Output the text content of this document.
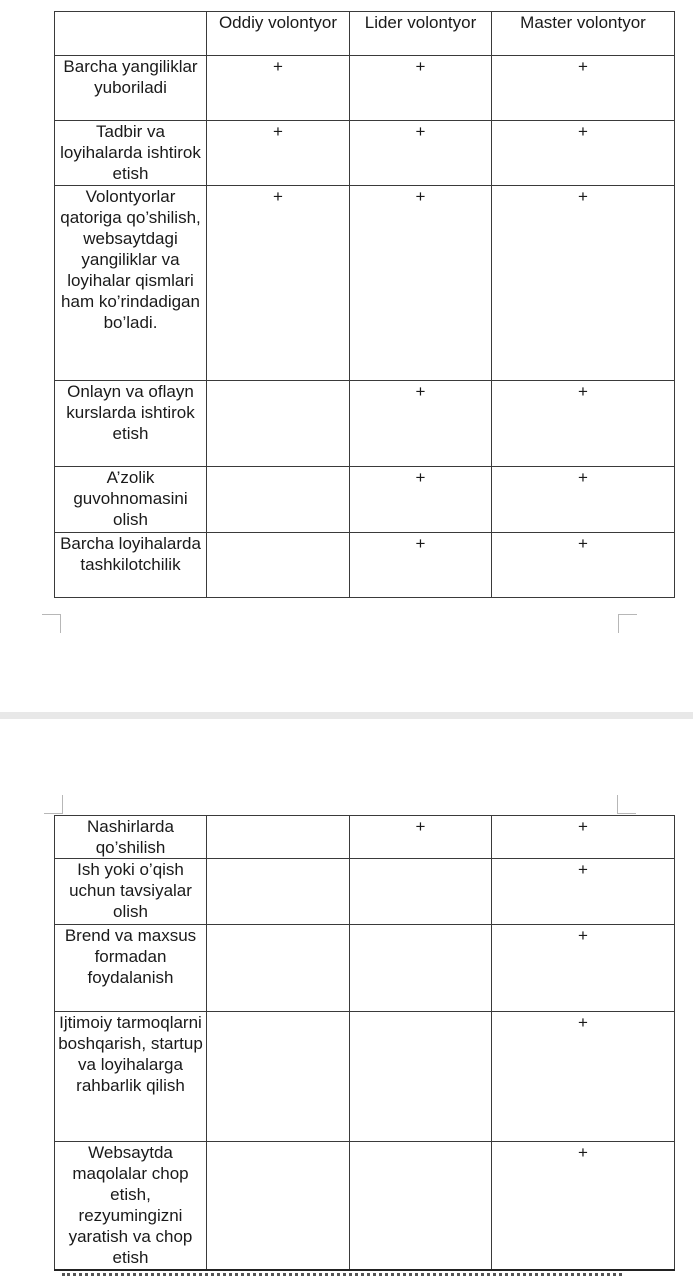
	Oddiy volontyor	Lider volontyor	Master volontyor
Barcha yangiliklar yuboriladi	+	+	+
Tadbir va loyihalarda ishtirok etish	+	+	+
Volontyorlar qatoriga qo’shilish, websaytdagi yangiliklar va loyihalar qismlari ham ko’rindadigan bo’ladi.	+	+	+
Onlayn va oflayn kurslarda ishtirok etish		+	+
A’zolik guvohnomasini olish		+	+
Barcha loyihalarda tashkilotchilik		+	+
Nashirlarda qo’shilish		+	+
Ish yoki o’qish uchun tavsiyalar olish			+
Brend va maxsus formadan foydalanish			+
Ijtimoiy tarmoqlarni boshqarish, startup va loyihalarga rahbarlik qilish			+
Websaytda maqolalar chop etish, rezyumingizni yaratish va chop etish			+
